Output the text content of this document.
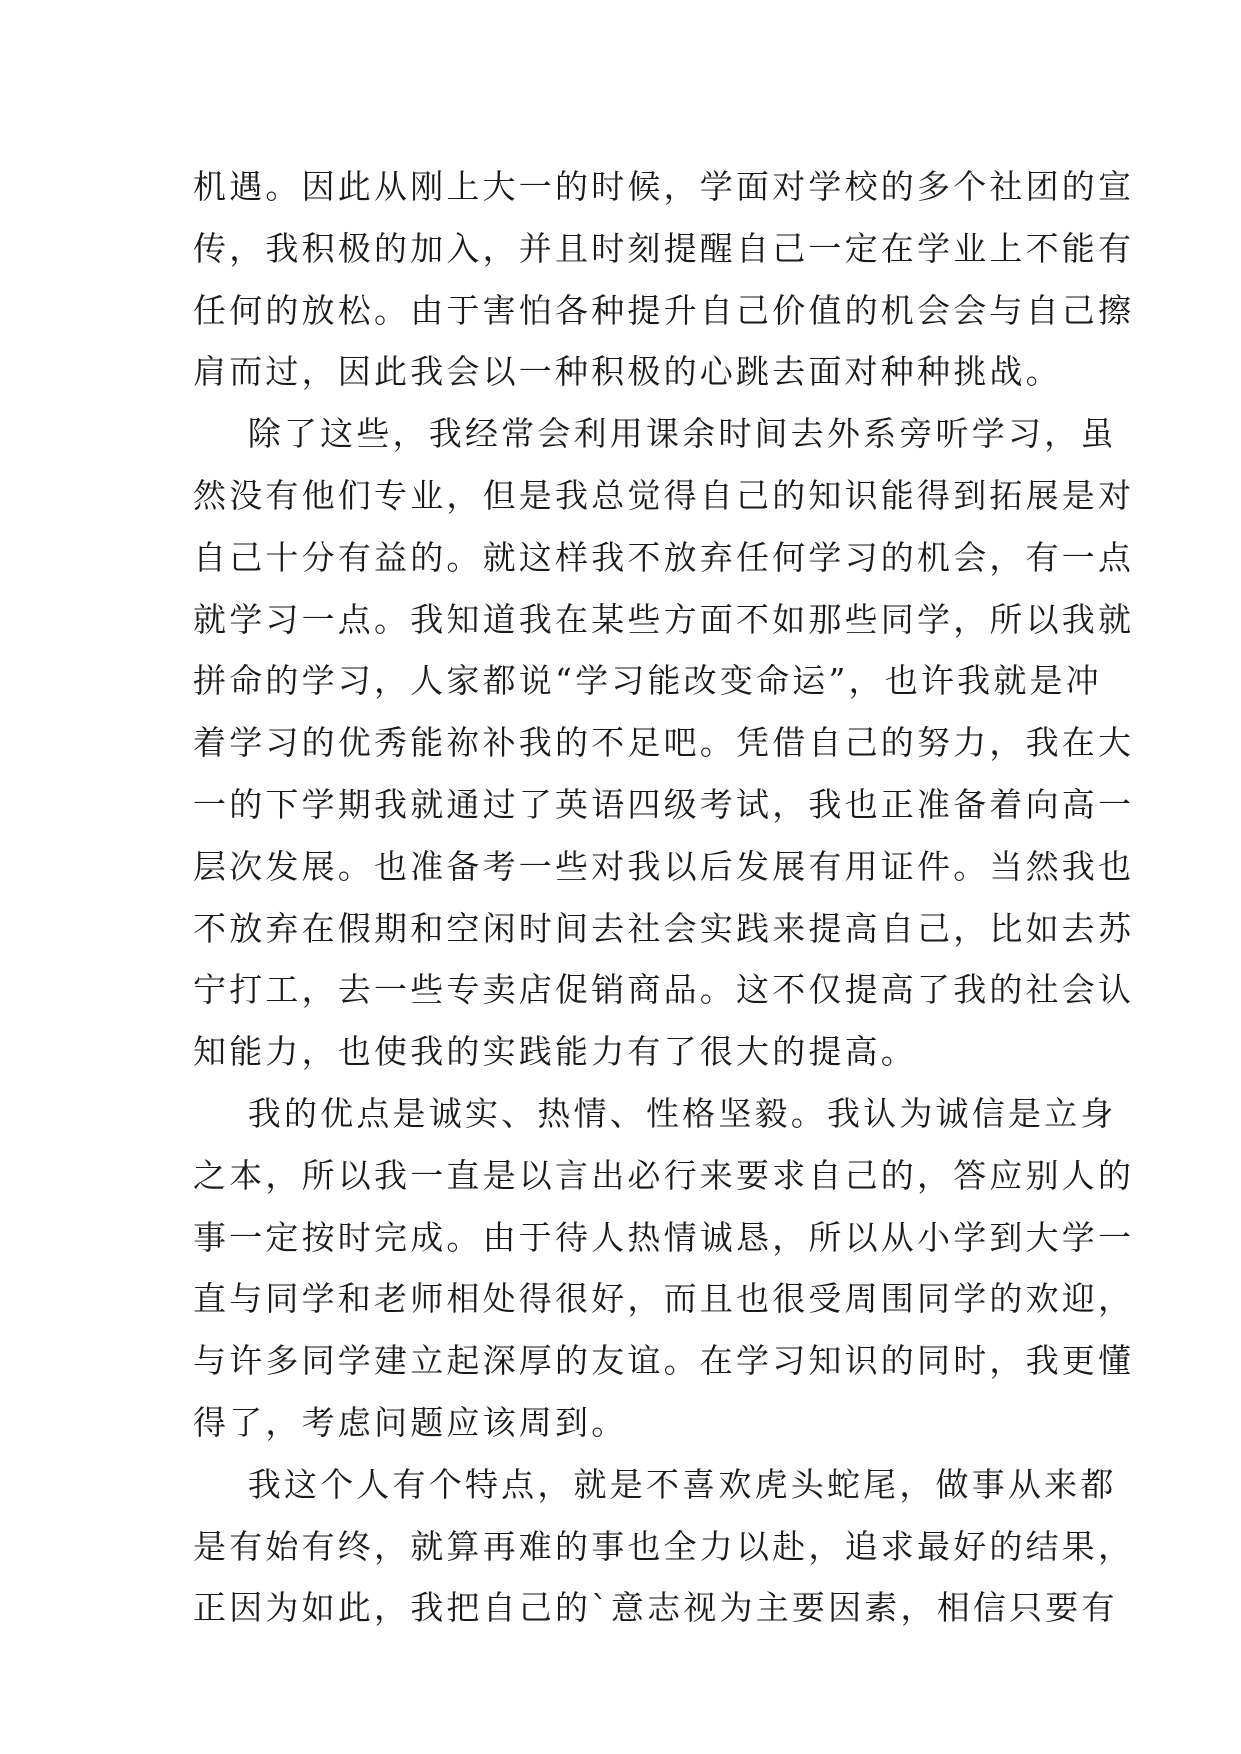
机遇。因此从刚上大一的时候，学面对学校的多个社团的宣
传，我积极的加入，并且时刻提醒自己一定在学业上不能有
任何的放松。由于害怕各种提升自己价值的机会会与自己擦
肩而过，因此我会以一种积极的心跳去面对种种挑战。
除了这些，我经常会利用课余时间去外系旁听学习，虽
然没有他们专业，但是我总觉得自己的知识能得到拓展是对
自己十分有益的。就这样我不放弃任何学习的机会，有一点
就学习一点。我知道我在某些方面不如那些同学，所以我就
拼命的学习，人家都说“学习能改变命运”，也许我就是冲
着学习的优秀能祢补我的不足吧。凭借自己的努力，我在大
一的下学期我就通过了英语四级考试，我也正准备着向高一
层次发展。也准备考一些对我以后发展有用证件。当然我也
不放弃在假期和空闲时间去社会实践来提高自己，比如去苏
宁打工，去一些专卖店促销商品。这不仅提高了我的社会认
知能力，也使我的实践能力有了很大的提高。
我的优点是诚实、热情、性格坚毅。我认为诚信是立身
之本，所以我一直是以言出必行来要求自己的，答应别人的
事一定按时完成。由于待人热情诚恳，所以从小学到大学一
直与同学和老师相处得很好，而且也很受周围同学的欢迎，
与许多同学建立起深厚的友谊。在学习知识的同时，我更懂
得了，考虑问题应该周到。
我这个人有个特点，就是不喜欢虎头蛇尾，做事从来都
是有始有终，就算再难的事也全力以赴，追求最好的结果，
正因为如此，我把自己的`意志视为主要因素，相信只要有
